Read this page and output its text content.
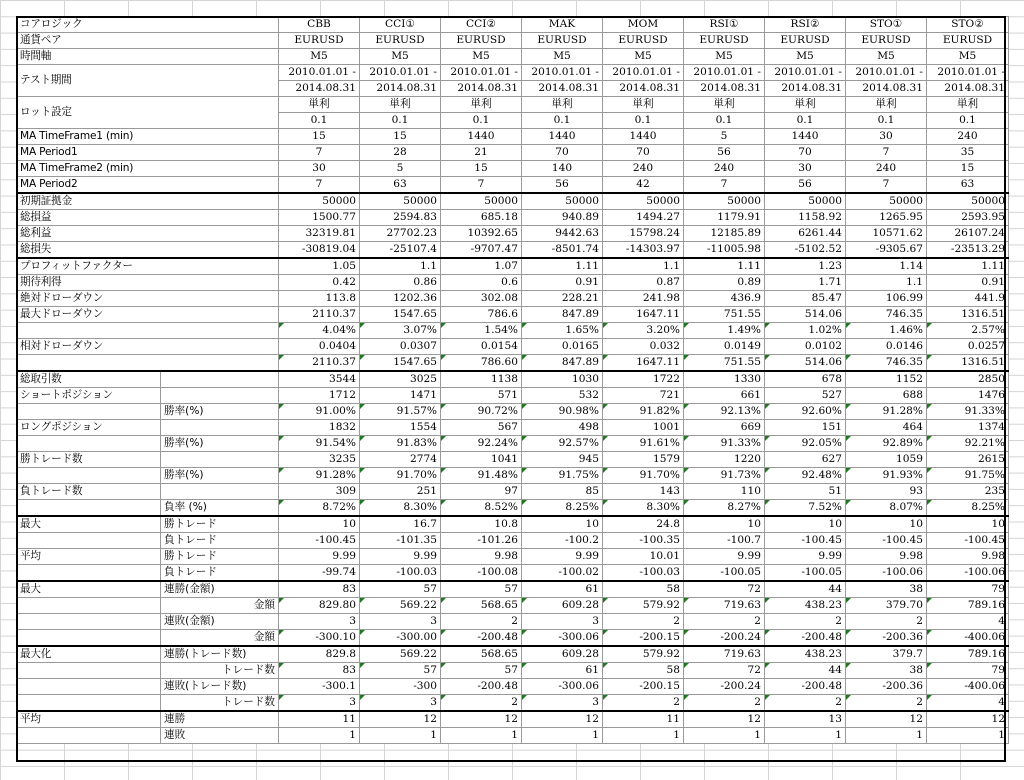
コアロジック		CBB	CCI①	CCI②	MAK	MOM	RSI①	RSI②	STO①	STO②
通貨ペア		EURUSD	EURUSD	EURUSD	EURUSD	EURUSD	EURUSD	EURUSD	EURUSD	EURUSD
時間軸		M5	M5	M5	M5	M5	M5	M5	M5	M5
テスト期間		2010.01.01 -	2010.01.01 -	2010.01.01 -	2010.01.01 -	2010.01.01 -	2010.01.01 -	2010.01.01 -	2010.01.01 -	2010.01.01 -
		2014.08.31	2014.08.31	2014.08.31	2014.08.31	2014.08.31	2014.08.31	2014.08.31	2014.08.31	2014.08.31
ロット設定		単利	単利	単利	単利	単利	単利	単利	単利	単利
		0.1	0.1	0.1	0.1	0.1	0.1	0.1	0.1	0.1
MA TimeFrame1 (min)		15	15	1440	1440	1440	5	1440	30	240
MA Period1		7	28	21	70	70	56	70	7	35
MA TimeFrame2 (min)		30	5	15	140	240	240	30	240	15
MA Period2		7	63	7	56	42	7	56	7	63
初期証拠金		50000	50000	50000	50000	50000	50000	50000	50000	50000
総損益		1500.77	2594.83	685.18	940.89	1494.27	1179.91	1158.92	1265.95	2593.95
総利益		32319.81	27702.23	10392.65	9442.63	15798.24	12185.89	6261.44	10571.62	26107.24
総損失		-30819.04	-25107.4	-9707.47	-8501.74	-14303.97	-11005.98	-5102.52	-9305.67	-23513.29
プロフィットファクター		1.05	1.1	1.07	1.11	1.1	1.11	1.23	1.14	1.11
期待利得		0.42	0.86	0.6	0.91	0.87	0.89	1.71	1.1	0.91
絶対ドローダウン		113.8	1202.36	302.08	228.21	241.98	436.9	85.47	106.99	441.9
最大ドローダウン		2110.37	1547.65	786.6	847.89	1647.11	751.55	514.06	746.35	1316.51
		4.04%	3.07%	1.54%	1.65%	3.20%	1.49%	1.02%	1.46%	2.57%
相対ドローダウン		0.0404	0.0307	0.0154	0.0165	0.032	0.0149	0.0102	0.0146	0.0257
		2110.37	1547.65	786.60	847.89	1647.11	751.55	514.06	746.35	1316.51
総取引数		3544	3025	1138	1030	1722	1330	678	1152	2850
ショートポジション		1712	1471	571	532	721	661	527	688	1476
	勝率(%)	91.00%	91.57%	90.72%	90.98%	91.82%	92.13%	92.60%	91.28%	91.33%
ロングポジション		1832	1554	567	498	1001	669	151	464	1374
	勝率(%)	91.54%	91.83%	92.24%	92.57%	91.61%	91.33%	92.05%	92.89%	92.21%
勝トレード数		3235	2774	1041	945	1579	1220	627	1059	2615
	勝率(%)	91.28%	91.70%	91.48%	91.75%	91.70%	91.73%	92.48%	91.93%	91.75%
負トレード数		309	251	97	85	143	110	51	93	235
	負率 (%)	8.72%	8.30%	8.52%	8.25%	8.30%	8.27%	7.52%	8.07%	8.25%
最大	勝トレード	10	16.7	10.8	10	24.8	10	10	10	10
	負トレード	-100.45	-101.35	-101.26	-100.2	-100.35	-100.7	-100.45	-100.45	-100.45
平均	勝トレード	9.99	9.99	9.98	9.99	10.01	9.99	9.99	9.98	9.98
	負トレード	-99.74	-100.03	-100.08	-100.02	-100.03	-100.05	-100.05	-100.06	-100.06
最大	連勝(金額)	83	57	57	61	58	72	44	38	79
	金額	829.80	569.22	568.65	609.28	579.92	719.63	438.23	379.70	789.16
	連敗(金額)	3	3	2	3	2	2	2	2	4
	金額	-300.10	-300.00	-200.48	-300.06	-200.15	-200.24	-200.48	-200.36	-400.06
最大化	連勝(トレード数)	829.8	569.22	568.65	609.28	579.92	719.63	438.23	379.7	789.16
	トレード数	83	57	57	61	58	72	44	38	79
	連敗(トレード数)	-300.1	-300	-200.48	-300.06	-200.15	-200.24	-200.48	-200.36	-400.06
	トレード数	3	3	2	3	2	2	2	2	4
平均	連勝	11	12	12	12	11	12	13	12	12
	連敗	1	1	1	1	1	1	1	1	1
